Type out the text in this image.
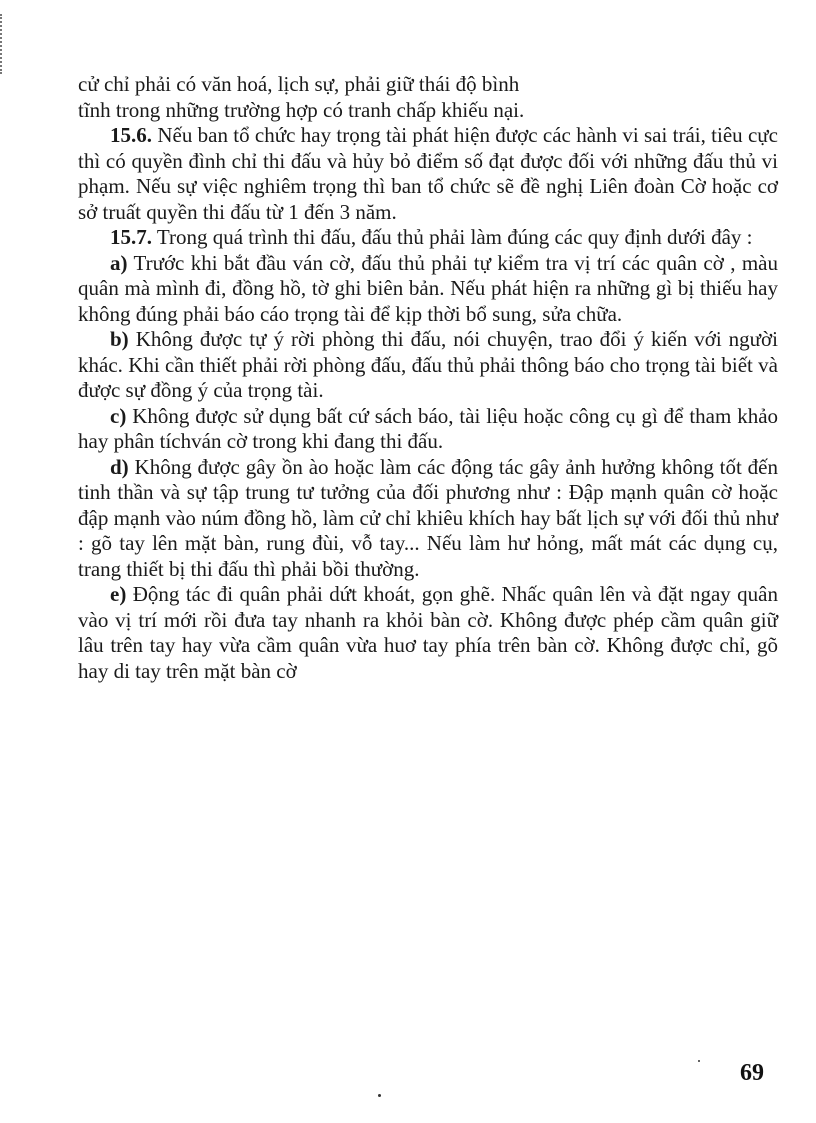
cử chỉ phải có văn hoá, lịch sự, phải giữ thái độ bình

tĩnh trong những trường hợp có tranh chấp khiếu nại.

15.6. Nếu ban tổ chức hay trọng tài phát hiện được các hành vi sai trái, tiêu cực thì có quyền đình chỉ thi đấu và hủy bỏ điểm số đạt được đối với những đấu thủ vi phạm. Nếu sự việc nghiêm trọng thì ban tổ chức sẽ đề nghị Liên đoàn Cờ hoặc cơ sở truất quyền thi đấu từ 1 đến 3 năm.

15.7. Trong quá trình thi đấu, đấu thủ phải làm đúng các quy định dưới đây :

a) Trước khi bắt đầu ván cờ, đấu thủ phải tự kiểm tra vị trí các quân cờ , màu quân mà mình đi, đồng hồ, tờ ghi biên bản. Nếu phát hiện ra những gì bị thiếu hay không đúng phải báo cáo trọng tài để kịp thời bổ sung, sửa chữa.

b) Không được tự ý rời phòng thi đấu, nói chuyện, trao đổi ý kiến với người khác. Khi cần thiết phải rời phòng đấu, đấu thủ phải thông báo cho trọng tài biết và được sự đồng ý của trọng tài.

c) Không được sử dụng bất cứ sách báo, tài liệu hoặc công cụ gì để tham khảo hay phân tíchván cờ trong khi đang thi đấu.

d) Không được gây ồn ào hoặc làm các động tác gây ảnh hưởng không tốt đến tinh thần và sự tập trung tư tưởng của đối phương như : Đập mạnh quân cờ hoặc đập mạnh vào núm đồng hồ, làm cử chỉ khiêu khích hay bất lịch sự với đối thủ như : gõ tay lên mặt bàn, rung đùi, vỗ tay... Nếu làm hư hỏng, mất mát các dụng cụ, trang thiết bị thi đấu thì phải bồi thường.

e) Động tác đi quân phải dứt khoát, gọn ghẽ. Nhấc quân lên và đặt ngay quân vào vị trí mới rồi đưa tay nhanh ra khỏi bàn cờ. Không được phép cầm quân giữ lâu trên tay hay vừa cầm quân vừa huơ tay phía trên bàn cờ. Không được chỉ, gõ hay di tay trên mặt bàn cờ

69
